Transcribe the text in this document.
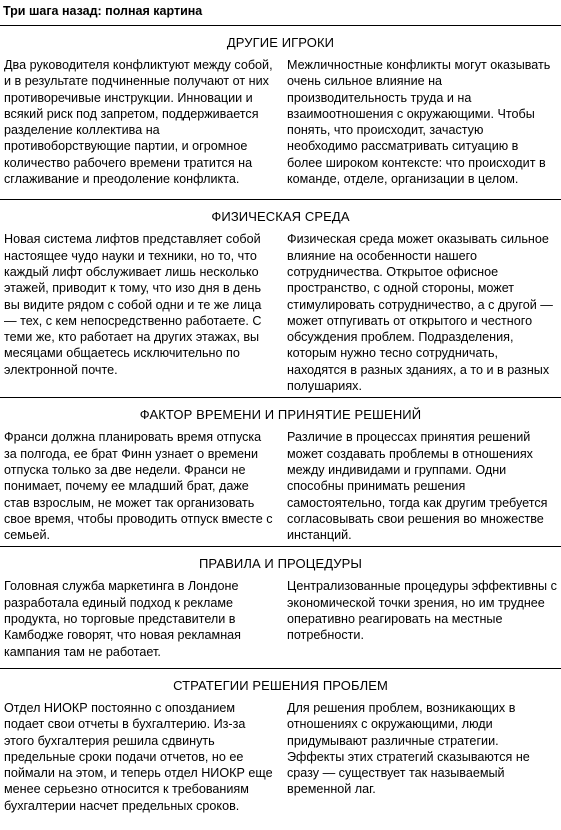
Три шага назад: полная картина
ДРУГИЕ ИГРОКИ

Два руководителя конфликтуют между собой, и в результате подчиненные получают от них противоречивые инструкции. Инновации и всякий риск под запретом, поддерживается разделение коллектива на противоборствующие партии, и огромное количество рабочего времени тратится на сглаживание и преодоление конфликта.

Межличностные конфликты могут оказывать очень сильное влияние на производительность труда и на взаимоотношения с окружающими. Чтобы понять, что происходит, зачастую необходимо рассматривать ситуацию в более широком контексте: что происходит в команде, отделе, организации в целом.

ФИЗИЧЕСКАЯ СРЕДА

Новая система лифтов представляет собой настоящее чудо науки и техники, но то, что каждый лифт обслуживает лишь несколько этажей, приводит к тому, что изо дня в день вы видите рядом с собой одни и те же лица — тех, с кем непосредственно работаете. С теми же, кто работает на других этажах, вы месяцами общаетесь исключительно по электронной почте.

Физическая среда может оказывать сильное влияние на особенности нашего сотрудничества. Открытое офисное пространство, с одной стороны, может стимулировать сотрудничество, а с другой — может отпугивать от открытого и честного обсуждения проблем. Подразделения, которым нужно тесно сотрудничать, находятся в разных зданиях, а то и в разных полушариях.

ФАКТОР ВРЕМЕНИ И ПРИНЯТИЕ РЕШЕНИЙ

Франси должна планировать время отпуска за полгода, ее брат Финн узнает о времени отпуска только за две недели. Франси не понимает, почему ее младший брат, даже став взрослым, не может так организовать свое время, чтобы проводить отпуск вместе с семьей.

Различие в процессах принятия решений может создавать проблемы в отношениях между индивидами и группами. Одни способны принимать решения самостоятельно, тогда как другим требуется согласовывать свои решения во множестве инстанций.

ПРАВИЛА И ПРОЦЕДУРЫ

Головная служба маркетинга в Лондоне разработала единый подход к рекламе продукта, но торговые представители в Камбодже говорят, что новая рекламная кампания там не работает.

Централизованные процедуры эффективны с экономической точки зрения, но им труднее оперативно реагировать на местные потребности.

СТРАТЕГИИ РЕШЕНИЯ ПРОБЛЕМ

Отдел НИОКР постоянно с опозданием подает свои отчеты в бухгалтерию. Из-за этого бухгалтерия решила сдвинуть предельные сроки подачи отчетов, но ее поймали на этом, и теперь отдел НИОКР еще менее серьезно относится к требованиям бухгалтерии насчет предельных сроков.

Для решения проблем, возникающих в отношениях с окружающими, люди придумывают различные стратегии. Эффекты этих стратегий сказываются не сразу — существует так называемый временной лаг.
